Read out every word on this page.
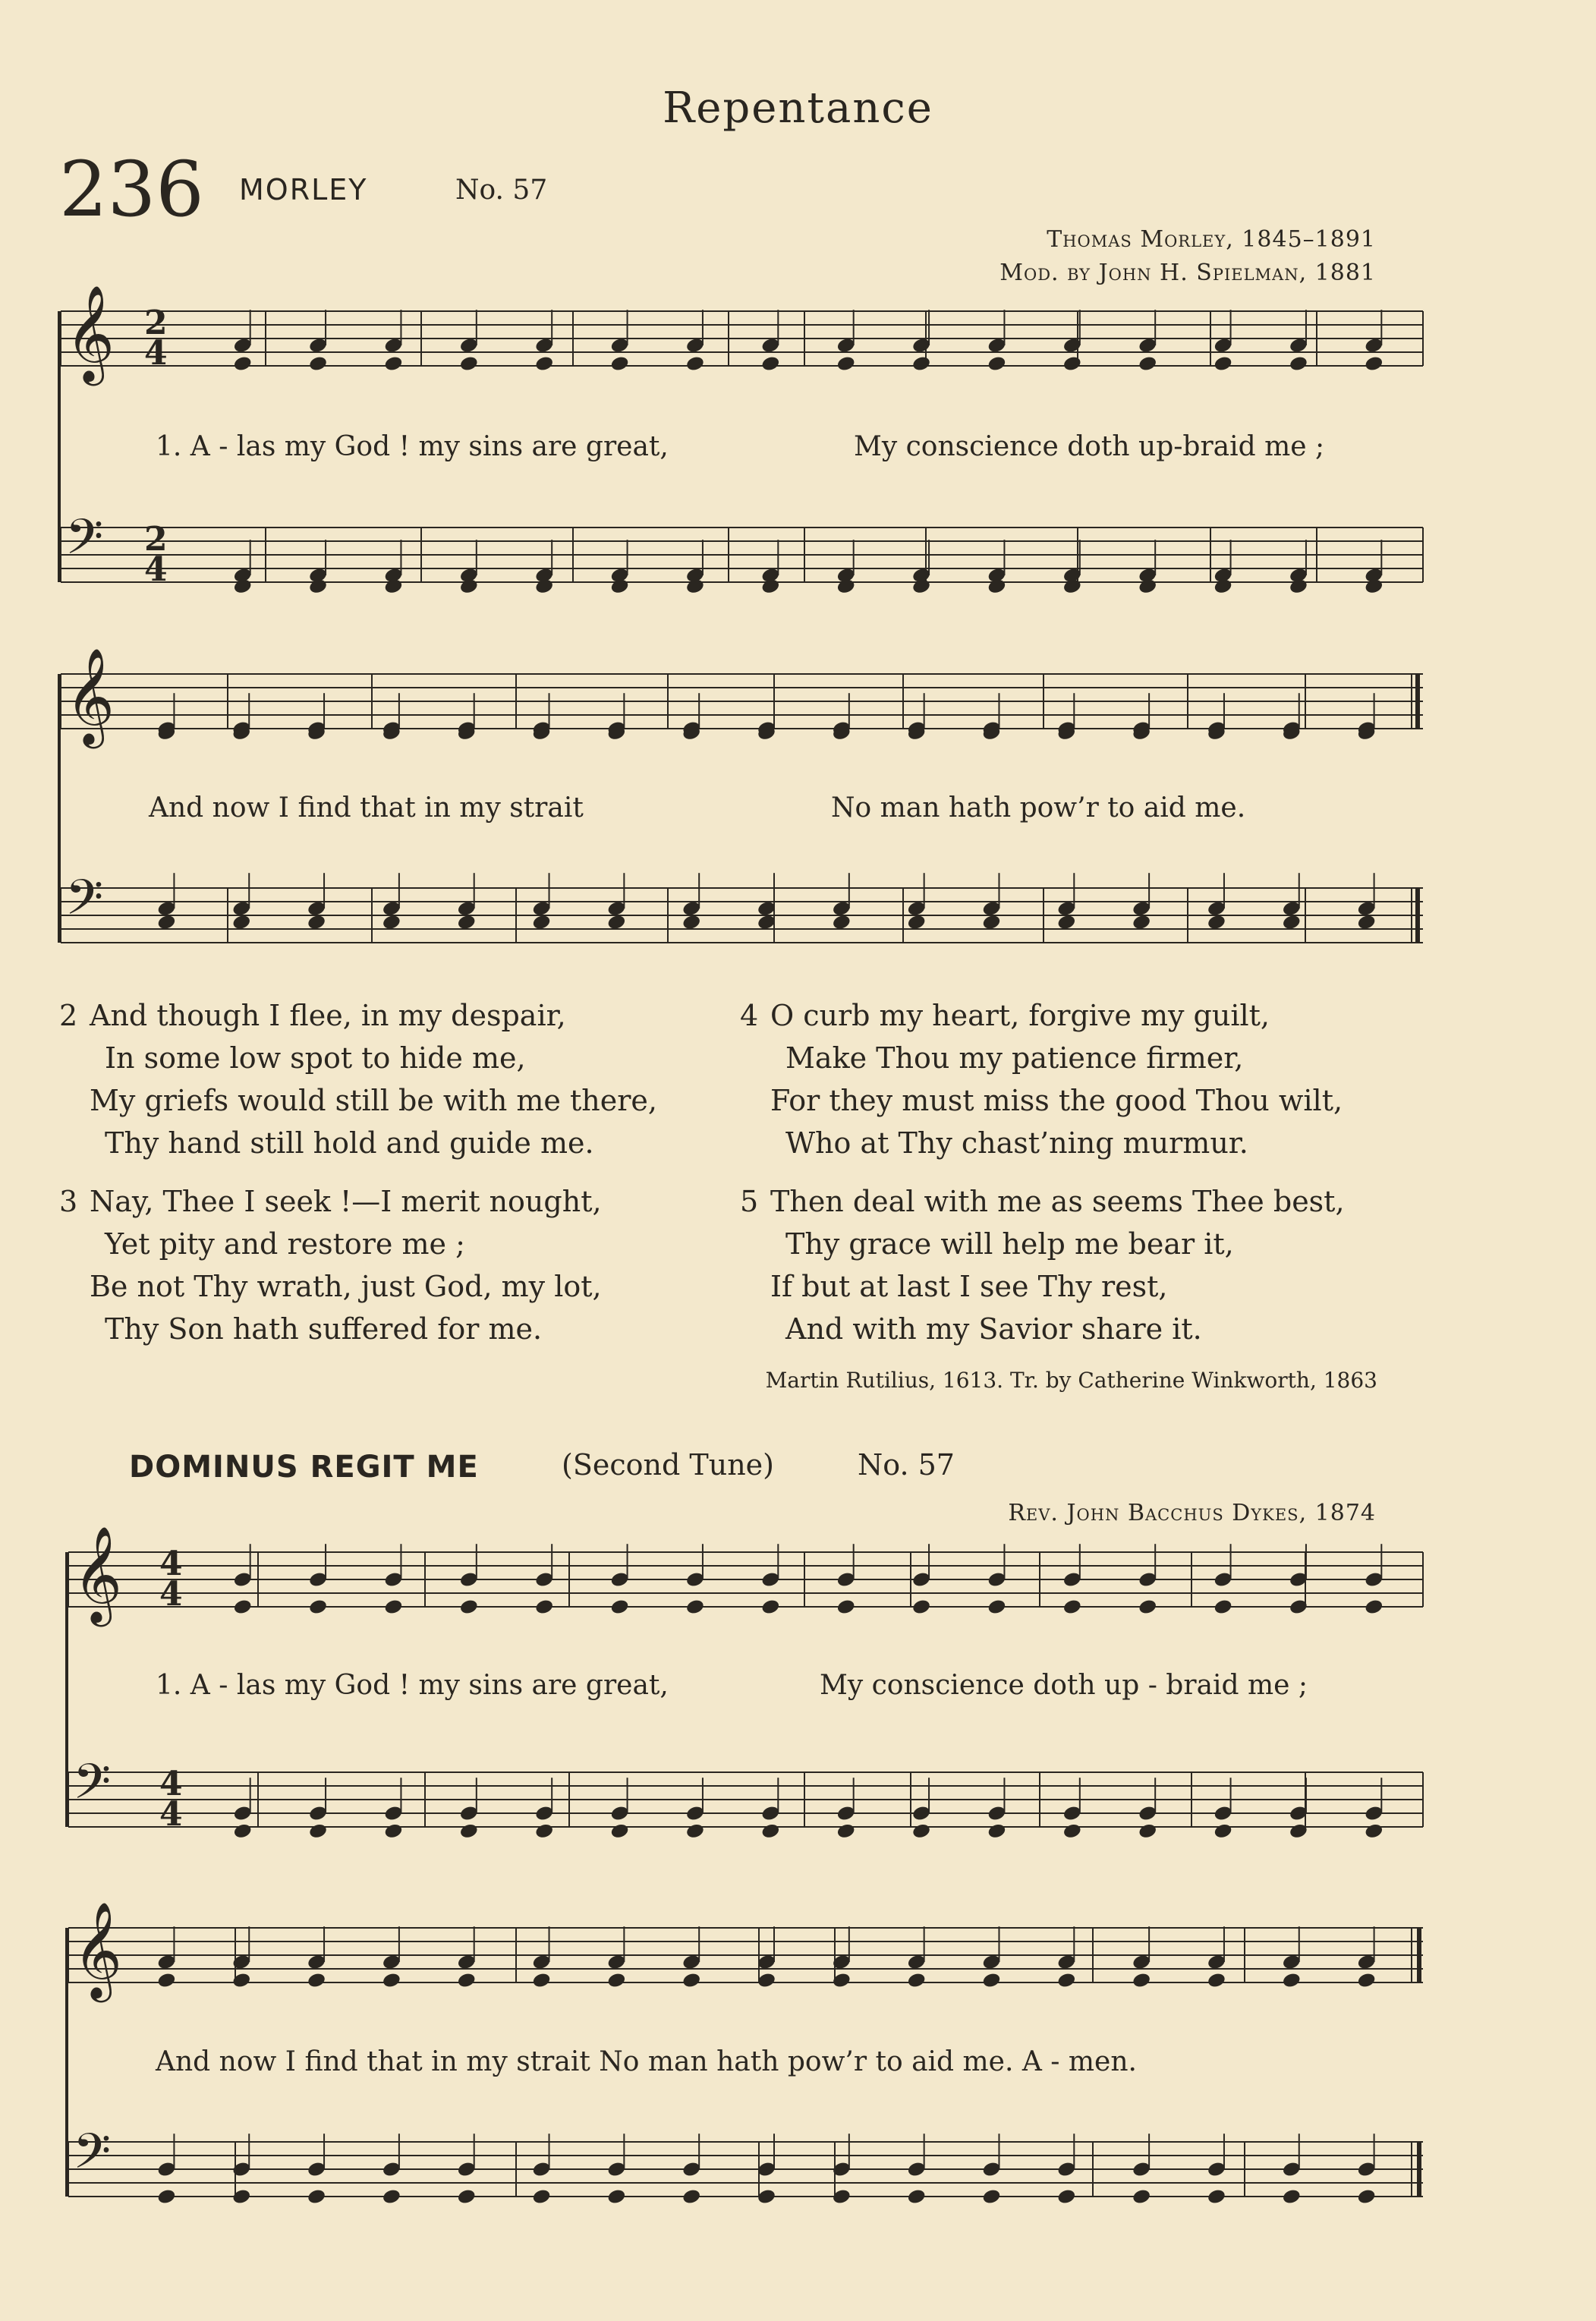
Repentance
236 MORLEY	No. 57
Thomas Morley, 1845–1891
Mod. by John H. Spielman, 1881
𝄞
𝄢
2
4
2
4
𝄞
𝄢
𝄞
𝄢
4
4
4
4
𝄞
𝄢
1. A - las my God ! my sins are great,	My conscience doth up-braid me ;
And now I find that in my strait	No man hath pow’r to aid me.
2 And though I flee, in my despair,
In some low spot to hide me,
My griefs would still be with me there,
Thy hand still hold and guide me.
3 Nay, Thee I seek !—I merit nought,
Yet pity and restore me ;
Be not Thy wrath, just God, my lot,
Thy Son hath suffered for me.
4 O curb my heart, forgive my guilt,
Make Thou my patience firmer,
For they must miss the good Thou wilt,
Who at Thy chast’ning murmur.
5 Then deal with me as seems Thee best,
Thy grace will help me bear it,
If but at last I see Thy rest,
And with my Savior share it.
Martin Rutilius, 1613. Tr. by Catherine Winkworth, 1863
DOMINUS REGIT ME	(Second Tune)	No. 57
Rev. John Bacchus Dykes, 1874
1. A - las my God ! my sins are great,	My conscience doth up - braid me ;
And now I find that in my strait No man hath pow’r to aid me. A - men.
